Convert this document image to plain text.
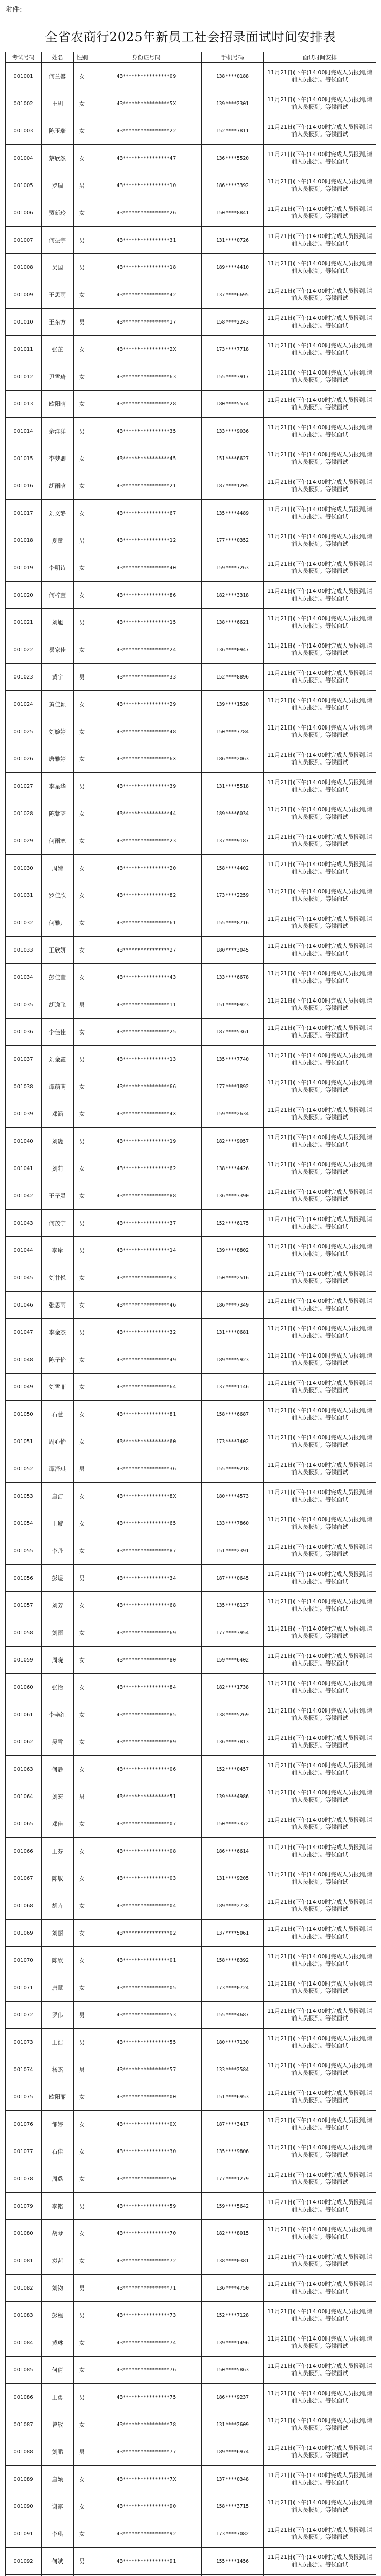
附件:
全省农商行2025年新员工社会招录面试时间安排表
考试号码	姓名	性别	身份证号码	手机号码	面试时间安排
001001	何兰馨	女	43****************09	138****0188	11月21日(下午)14:00时完成人员报到,请前人员报到。等候面试
001002	王玥	女	43****************5X	139****2301	11月21日(下午)14:00时完成人员报到,请前人员报到。等候面试
001003	陈玉瑞	女	43****************22	152****7811	11月21日(下午)14:00时完成人员报到,请前人员报到。等候面试
001004	蔡欣然	女	43****************47	136****5520	11月21日(下午)14:00时完成人员报到,请前人员报到。等候面试
001005	罗瑞	男	43****************10	186****3392	11月21日(下午)14:00时完成人员报到,请前人员报到。等候面试
001006	贾新玲	女	43****************26	150****8841	11月21日(下午)14:00时完成人员报到,请前人员报到。等候面试
001007	何振宇	男	43****************31	131****0726	11月21日(下午)14:00时完成人员报到,请前人员报到。等候面试
001008	吴国	男	43****************18	189****4410	11月21日(下午)14:00时完成人员报到,请前人员报到。等候面试
001009	王思雨	女	43****************42	137****6695	11月21日(下午)14:00时完成人员报到,请前人员报到。等候面试
001010	王东方	男	43****************17	158****2243	11月21日(下午)14:00时完成人员报到,请前人员报到。等候面试
001011	张芷	女	43****************2X	173****7718	11月21日(下午)14:00时完成人员报到,请前人员报到。等候面试
001012	尹雪琦	女	43****************63	155****3917	11月21日(下午)14:00时完成人员报到,请前人员报到。等候面试
001013	欧阳晴	女	43****************28	180****5574	11月21日(下午)14:00时完成人员报到,请前人员报到。等候面试
001014	余洋洋	男	43****************35	133****9036	11月21日(下午)14:00时完成人员报到,请前人员报到。等候面试
001015	李梦卿	女	43****************45	151****6627	11月21日(下午)14:00时完成人员报到,请前人员报到。等候面试
001016	胡雨晗	女	43****************21	187****1205	11月21日(下午)14:00时完成人员报到,请前人员报到。等候面试
001017	刘文静	女	43****************67	135****4489	11月21日(下午)14:00时完成人员报到,请前人员报到。等候面试
001018	夏童	男	43****************12	177****0352	11月21日(下午)14:00时完成人员报到,请前人员报到。等候面试
001019	李明诗	女	43****************40	159****7263	11月21日(下午)14:00时完成人员报到,请前人员报到。等候面试
001020	何梓萱	女	43****************86	182****3318	11月21日(下午)14:00时完成人员报到,请前人员报到。等候面试
001021	刘旭	男	43****************15	138****6621	11月21日(下午)14:00时完成人员报到,请前人员报到。等候面试
001022	易家佳	女	43****************24	136****0947	11月21日(下午)14:00时完成人员报到,请前人员报到。等候面试
001023	黄宇	男	43****************33	152****8896	11月21日(下午)14:00时完成人员报到,请前人员报到。等候面试
001024	黄佳颖	女	43****************29	139****1520	11月21日(下午)14:00时完成人员报到,请前人员报到。等候面试
001025	刘婉婷	女	43****************48	150****7784	11月21日(下午)14:00时完成人员报到,请前人员报到。等候面试
001026	唐雅婷	女	43****************6X	186****2063	11月21日(下午)14:00时完成人员报到,请前人员报到。等候面试
001027	李星华	男	43****************39	131****5518	11月21日(下午)14:00时完成人员报到,请前人员报到。等候面试
001028	陈紫菡	女	43****************44	189****6034	11月21日(下午)14:00时完成人员报到,请前人员报到。等候面试
001029	何雨寒	女	43****************23	137****9187	11月21日(下午)14:00时完成人员报到,请前人员报到。等候面试
001030	周婧	女	43****************20	158****4402	11月21日(下午)14:00时完成人员报到,请前人员报到。等候面试
001031	罗佳欣	女	43****************82	173****2259	11月21日(下午)14:00时完成人员报到,请前人员报到。等候面试
001032	何雅卉	女	43****************61	155****8716	11月21日(下午)14:00时完成人员报到,请前人员报到。等候面试
001033	王欣妍	女	43****************27	180****3045	11月21日(下午)14:00时完成人员报到,请前人员报到。等候面试
001034	彭佳莹	女	43****************43	133****6678	11月21日(下午)14:00时完成人员报到,请前人员报到。等候面试
001035	胡逸飞	男	43****************11	151****0923	11月21日(下午)14:00时完成人员报到,请前人员报到。等候面试
001036	李佳佳	女	43****************25	187****5361	11月21日(下午)14:00时完成人员报到,请前人员报到。等候面试
001037	刘金鑫	男	43****************13	135****7740	11月21日(下午)14:00时完成人员报到,请前人员报到。等候面试
001038	谭萌萌	女	43****************66	177****1892	11月21日(下午)14:00时完成人员报到,请前人员报到。等候面试
001039	邓涵	女	43****************4X	159****2634	11月21日(下午)14:00时完成人员报到,请前人员报到。等候面试
001040	刘巍	男	43****************19	182****9057	11月21日(下午)14:00时完成人员报到,请前人员报到。等候面试
001041	刘莉	女	43****************62	138****4426	11月21日(下午)14:00时完成人员报到,请前人员报到。等候面试
001042	王子灵	女	43****************88	136****3390	11月21日(下午)14:00时完成人员报到,请前人员报到。等候面试
001043	何茂宁	男	43****************37	152****6175	11月21日(下午)14:00时完成人员报到,请前人员报到。等候面试
001044	李岸	男	43****************14	139****8802	11月21日(下午)14:00时完成人员报到,请前人员报到。等候面试
001045	刘甘悦	女	43****************83	150****2516	11月21日(下午)14:00时完成人员报到,请前人员报到。等候面试
001046	张思雨	女	43****************46	186****7349	11月21日(下午)14:00时完成人员报到,请前人员报到。等候面试
001047	李金杰	男	43****************32	131****0681	11月21日(下午)14:00时完成人员报到,请前人员报到。等候面试
001048	陈子怡	女	43****************49	189****5923	11月21日(下午)14:00时完成人员报到,请前人员报到。等候面试
001049	刘雪菲	女	43****************64	137****1146	11月21日(下午)14:00时完成人员报到,请前人员报到。等候面试
001050	石慧	女	43****************81	158****6687	11月21日(下午)14:00时完成人员报到,请前人员报到。等候面试
001051	周心怡	女	43****************60	173****3402	11月21日(下午)14:00时完成人员报到,请前人员报到。等候面试
001052	谭泽琪	男	43****************36	155****9218	11月21日(下午)14:00时完成人员报到,请前人员报到。等候面试
001053	唐洁	女	43****************8X	180****4573	11月21日(下午)14:00时完成人员报到,请前人员报到。等候面试
001054	王璇	女	43****************65	133****7860	11月21日(下午)14:00时完成人员报到,请前人员报到。等候面试
001055	李丹	女	43****************87	151****2391	11月21日(下午)14:00时完成人员报到,请前人员报到。等候面试
001056	彭煜	男	43****************34	187****0645	11月21日(下午)14:00时完成人员报到,请前人员报到。等候面试
001057	刘芳	女	43****************68	135****8127	11月21日(下午)14:00时完成人员报到,请前人员报到。等候面试
001058	刘雨	女	43****************69	177****3954	11月21日(下午)14:00时完成人员报到,请前人员报到。等候面试
001059	周晓	女	43****************80	159****6402	11月21日(下午)14:00时完成人员报到,请前人员报到。等候面试
001060	张怡	女	43****************84	182****1738	11月21日(下午)14:00时完成人员报到,请前人员报到。等候面试
001061	李艳红	女	43****************85	138****5269	11月21日(下午)14:00时完成人员报到,请前人员报到。等候面试
001062	吴雪	女	43****************89	136****7813	11月21日(下午)14:00时完成人员报到,请前人员报到。等候面试
001063	何静	女	43****************06	152****0457	11月21日(下午)14:00时完成人员报到,请前人员报到。等候面试
001064	刘宏	男	43****************51	139****4986	11月21日(下午)14:00时完成人员报到,请前人员报到。等候面试
001065	邓佳	女	43****************07	150****3372	11月21日(下午)14:00时完成人员报到,请前人员报到。等候面试
001066	王芬	女	43****************08	186****6614	11月21日(下午)14:00时完成人员报到,请前人员报到。等候面试
001067	陈敏	女	43****************03	131****9205	11月21日(下午)14:00时完成人员报到,请前人员报到。等候面试
001068	胡卉	女	43****************04	189****2738	11月21日(下午)14:00时完成人员报到,请前人员报到。等候面试
001069	刘丽	女	43****************02	137****5061	11月21日(下午)14:00时完成人员报到,请前人员报到。等候面试
001070	陈欣	女	43****************01	158****8392	11月21日(下午)14:00时完成人员报到,请前人员报到。等候面试
001071	唐慧	女	43****************05	173****0724	11月21日(下午)14:00时完成人员报到,请前人员报到。等候面试
001072	罗伟	男	43****************53	155****4687	11月21日(下午)14:00时完成人员报到,请前人员报到。等候面试
001073	王浩	男	43****************55	180****7130	11月21日(下午)14:00时完成人员报到,请前人员报到。等候面试
001074	杨杰	男	43****************57	133****2584	11月21日(下午)14:00时完成人员报到,请前人员报到。等候面试
001075	欧阳丽	女	43****************00	151****6953	11月21日(下午)14:00时完成人员报到,请前人员报到。等候面试
001076	邹婷	女	43****************0X	187****3417	11月21日(下午)14:00时完成人员报到,请前人员报到。等候面试
001077	石佳	女	43****************30	135****9806	11月21日(下午)14:00时完成人员报到,请前人员报到。等候面试
001078	周璐	女	43****************50	177****1279	11月21日(下午)14:00时完成人员报到,请前人员报到。等候面试
001079	李铭	男	43****************59	159****5642	11月21日(下午)14:00时完成人员报到,请前人员报到。等候面试
001080	胡琴	女	43****************70	182****8015	11月21日(下午)14:00时完成人员报到,请前人员报到。等候面试
001081	袁茜	女	43****************72	138****0381	11月21日(下午)14:00时完成人员报到,请前人员报到。等候面试
001082	刘钧	男	43****************71	136****4750	11月21日(下午)14:00时完成人员报到,请前人员报到。等候面试
001083	彭程	男	43****************73	152****7128	11月21日(下午)14:00时完成人员报到,请前人员报到。等候面试
001084	黄琳	女	43****************74	139****1496	11月21日(下午)14:00时完成人员报到,请前人员报到。等候面试
001085	何倩	女	43****************76	150****5863	11月21日(下午)14:00时完成人员报到,请前人员报到。等候面试
001086	王勇	男	43****************75	186****9237	11月21日(下午)14:00时完成人员报到,请前人员报到。等候面试
001087	曾敏	女	43****************78	131****2609	11月21日(下午)14:00时完成人员报到,请前人员报到。等候面试
001088	刘鹏	男	43****************77	189****6974	11月21日(下午)14:00时完成人员报到,请前人员报到。等候面试
001089	唐颖	女	43****************7X	137****0348	11月21日(下午)14:00时完成人员报到,请前人员报到。等候面试
001090	谢露	女	43****************90	158****3715	11月21日(下午)14:00时完成人员报到,请前人员报到。等候面试
001091	李琪	女	43****************92	173****7082	11月21日(下午)14:00时完成人员报到,请前人员报到。等候面试
001092	何斌	男	43****************91	155****1456	11月21日(下午)14:00时完成人员报到,请前人员报到。等候面试
